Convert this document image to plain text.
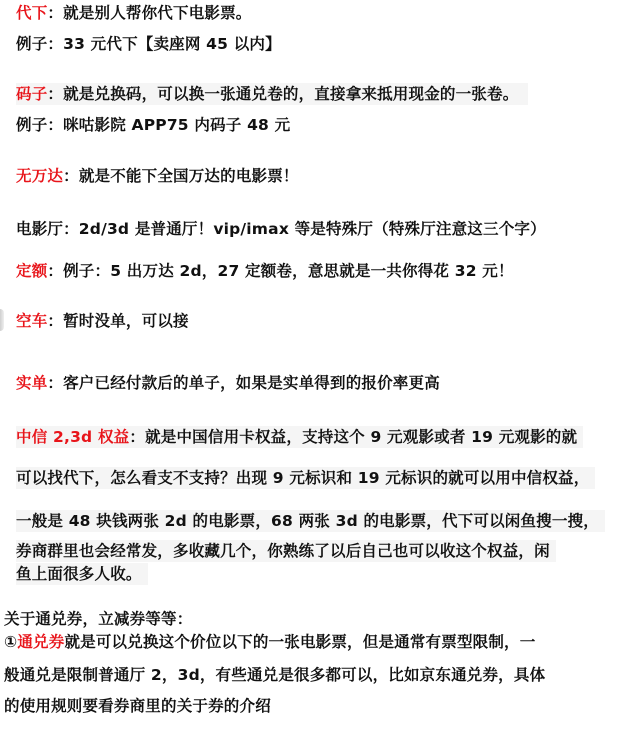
代下：就是别人帮你代下电影票。
例子：33 元代下【卖座网 45 以内】
码子：就是兑换码，可以换一张通兑卷的，直接拿来抵用现金的一张卷。
例子：咪咕影院 APP75 内码子 48 元
无万达：就是不能下全国万达的电影票！
电影厅：2d/3d 是普通厅！vip/imax 等是特殊厅（特殊厅注意这三个字）
定额：例子：5 出万达 2d，27 定额卷，意思就是一共你得花 32 元！
空车：暂时没单，可以接
实单：客户已经付款后的单子，如果是实单得到的报价率更高
中信 2,3d 权益：就是中国信用卡权益，支持这个 9 元观影或者 19 元观影的就
可以找代下，怎么看支不支持？出现 9 元标识和 19 元标识的就可以用中信权益，
一般是 48 块钱两张 2d 的电影票，68 两张 3d 的电影票，代下可以闲鱼搜一搜，
券商群里也会经常发，多收藏几个，你熟练了以后自己也可以收这个权益，闲
鱼上面很多人收。
关于通兑券，立减券等等：
①通兑券就是可以兑换这个价位以下的一张电影票，但是通常有票型限制，一
般通兑是限制普通厅 2，3d，有些通兑是很多都可以，比如京东通兑券，具体
的使用规则要看券商里的关于券的介绍
